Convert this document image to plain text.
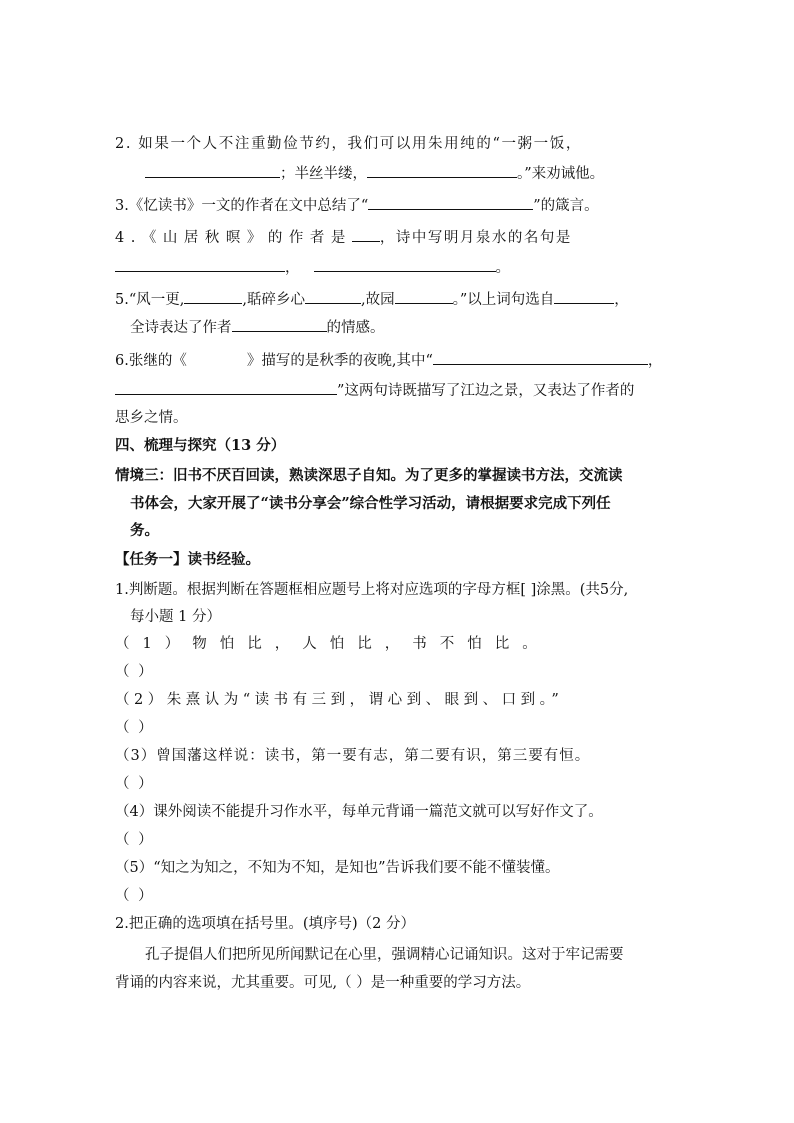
2. 如果一个人不注重勤俭节约，我们可以用朱用纯的“一粥一饭，
；半丝半缕，	。”来劝诫他。
3.《忆读书》一文的作者在文中总结了“	”的箴言。
4.《山居秋暝》的作者是 ，诗中写明月泉水的名句是
，	。
5.“风一更,	,聒碎乡心	,故园	。”以上词句选自	，
全诗表达了作者	的情感。
6.张继的《	》描写的是秋季的夜晚,其中“	，
”这两句诗既描写了江边之景，又表达了作者的
思乡之情。
四、梳理与探究（13 分）
情境三：旧书不厌百回读，熟读深思子自知。为了更多的掌握读书方法，交流读
书体会，大家开展了“读书分享会”综合性学习活动，请根据要求完成下列任
务。
【任务一】读书经验。
1.判断题。根据判断在答题框相应题号上将对应选项的字母方框[ ]涂黑。(共5分,
每小题 1 分）
（1）物怕比，人怕比，书不怕比。
（ ）
（2）朱熹认为“读书有三到，谓心到、眼到、口到。”
（ ）
（3）曾国藩这样说：读书，第一要有志，第二要有识，第三要有恒。
（ ）
（4）课外阅读不能提升习作水平，每单元背诵一篇范文就可以写好作文了。
（ ）
（5）“知之为知之，不知为不知，是知也”告诉我们要不能不懂装懂。
（ ）
2.把正确的选项填在括号里。(填序号)（2 分）
孔子提倡人们把所见所闻默记在心里，强调精心记诵知识。这对于牢记需要
背诵的内容来说，尤其重要。可见,（ ）是一种重要的学习方法。
